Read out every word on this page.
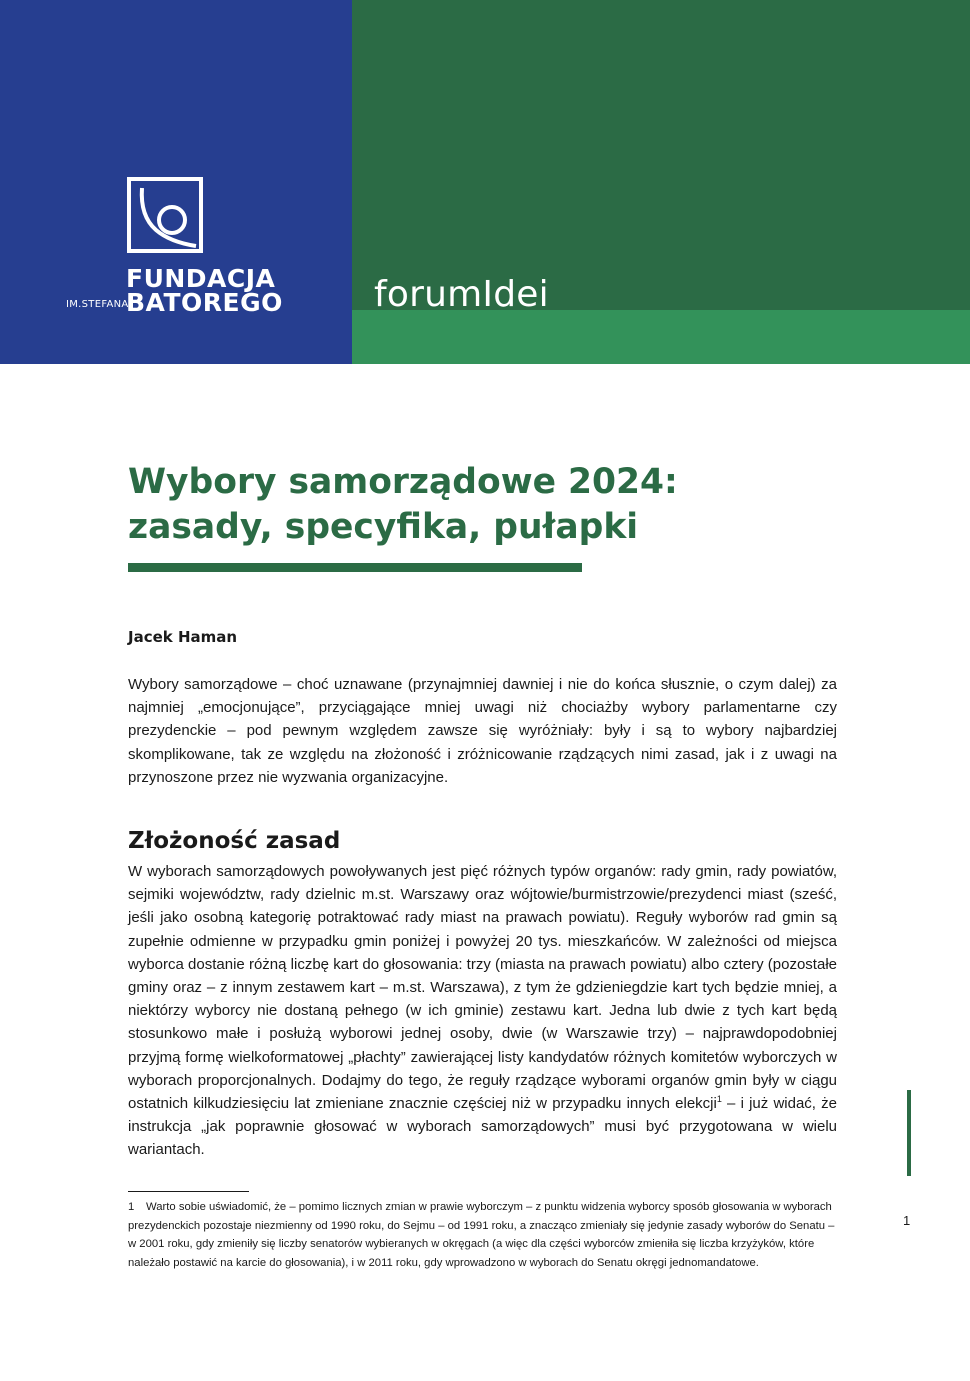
FUNDACJA
BATOREGO
IM.STEFANA	forumIdei
Wybory samorządowe 2024:
zasady, specyfika, pułapki
Jacek Haman

Wybory samorządowe – choć uznawane (przynajmniej dawniej i nie do końca słusznie, o czym dalej) za najmniej „emocjonujące”, przyciągające mniej uwagi niż chociażby wybory parlamentarne czy prezydenckie – pod pewnym względem zawsze się wyróżniały: były i są to wybory najbardziej skomplikowane, tak ze względu na złożoność i zróżnicowanie rządzących nimi zasad, jak i z uwagi na przynoszone przez nie wyzwania organizacyjne.

Złożoność zasad

W wyborach samorządowych powoływanych jest pięć różnych typów organów: rady gmin, rady powiatów, sejmiki województw, rady dzielnic m.st. Warszawy oraz wójtowie/burmistrzowie/prezydenci miast (sześć, jeśli jako osobną kategorię potraktować rady miast na prawach powiatu). Reguły wyborów rad gmin są zupełnie odmienne w przypadku gmin poniżej i powyżej 20 tys. mieszkańców. W zależności od miejsca wyborca dostanie różną liczbę kart do głosowania: trzy (miasta na prawach powiatu) albo cztery (pozostałe gminy oraz – z innym zestawem kart – m.st. Warszawa), z tym że gdzieniegdzie kart tych będzie mniej, a niektórzy wyborcy nie dostaną pełnego (w ich gminie) zestawu kart. Jedna lub dwie z tych kart będą stosunkowo małe i posłużą wyborowi jednej osoby, dwie (w Warszawie trzy) – najprawdopodobniej przyjmą formę wielkoformatowej „płachty” zawierającej listy kandydatów różnych komitetów wyborczych w wyborach proporcjonalnych. Dodajmy do tego, że reguły rządzące wyborami organów gmin były w ciągu ostatnich kilkudziesięciu lat zmieniane znacznie częściej niż w przypadku innych elekcji$^1$ – i już widać, że instrukcja „jak poprawnie głosować w wyborach samorządowych” musi być przygotowana w wielu wariantach.

1 Warto sobie uświadomić, że – pomimo licznych zmian w prawie wyborczym – z punktu widzenia wyborcy sposób głosowania w wyborach prezydenckich pozostaje niezmienny od 1990 roku, do Sejmu – od 1991 roku, a znacząco zmieniały się jedynie zasady wyborów do Senatu – w 2001 roku, gdy zmieniły się liczby senatorów wybieranych w okręgach (a więc dla części wyborców zmieniła się liczba krzyżyków, które należało postawić na karcie do głosowania), i w 2011 roku, gdy wprowadzono w wyborach do Senatu okręgi jednomandatowe.

1
